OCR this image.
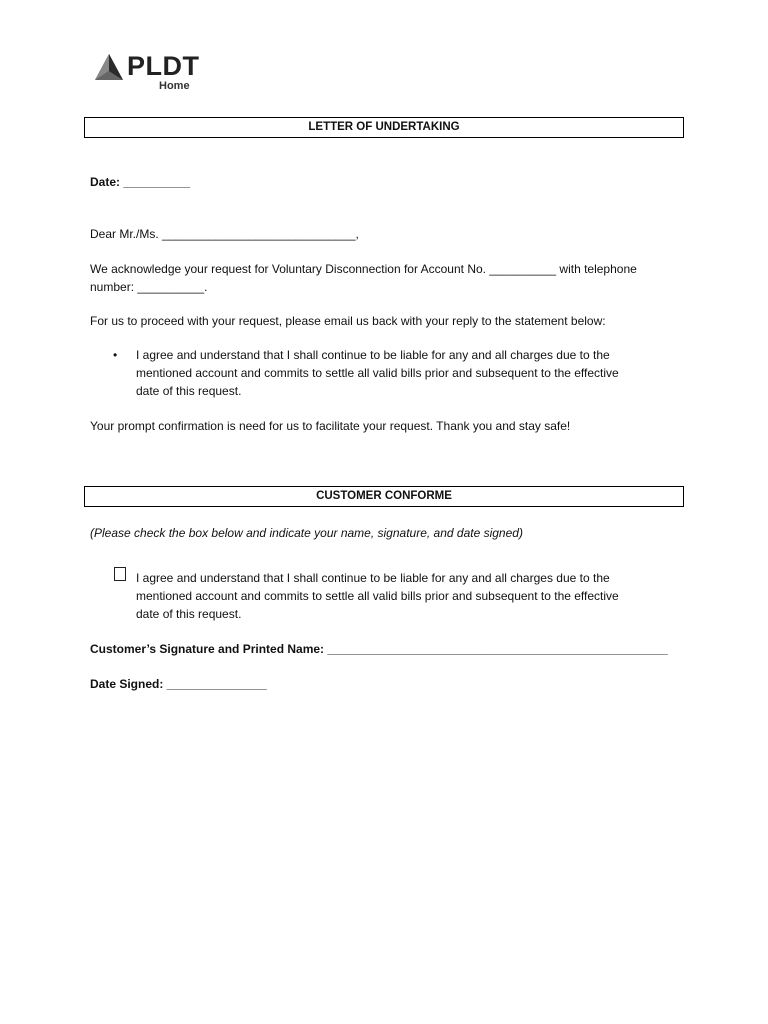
PLDT
Home
LETTER OF UNDERTAKING
Date: __________
Dear Mr./Ms. _____________________________,
We acknowledge your request for Voluntary Disconnection for Account No. __________ with telephone
number: __________.
For us to proceed with your request, please email us back with your reply to the statement below:
• I agree and understand that I shall continue to be liable for any and all charges due to the
mentioned account and commits to settle all valid bills prior and subsequent to the effective
date of this request.
Your prompt confirmation is need for us to facilitate your request. Thank you and stay safe!
CUSTOMER CONFORME
(Please check the box below and indicate your name, signature, and date signed)
I agree and understand that I shall continue to be liable for any and all charges due to the
mentioned account and commits to settle all valid bills prior and subsequent to the effective
date of this request.
Customer’s Signature and Printed Name: ___________________________________________________
Date Signed: _______________
